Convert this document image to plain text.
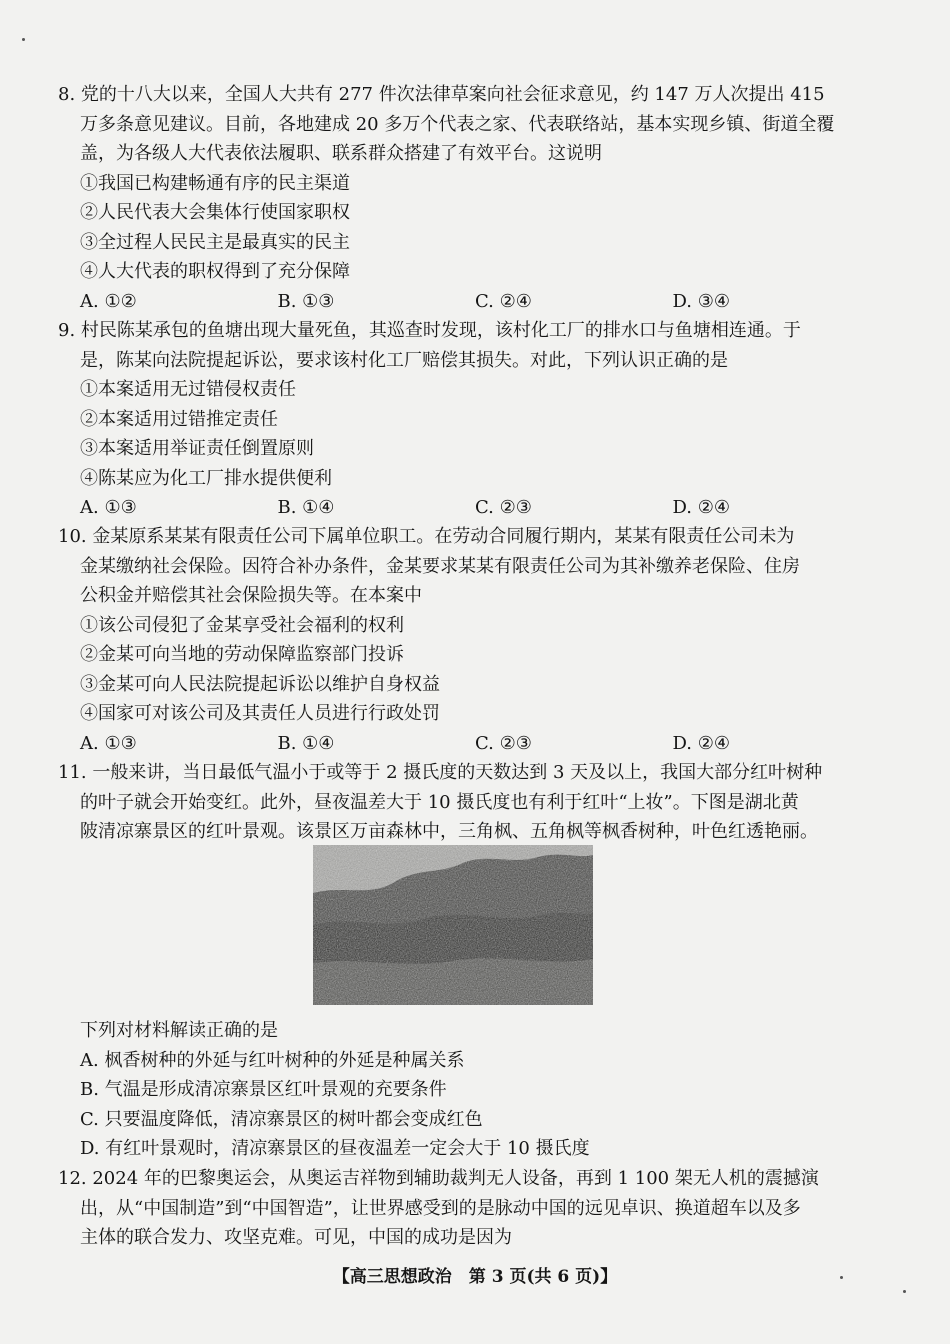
8. 党的十八大以来，全国人大共有 277 件次法律草案向社会征求意见，约 147 万人次提出 415
万多条意见建议。目前，各地建成 20 多万个代表之家、代表联络站，基本实现乡镇、街道全覆
盖，为各级人大代表依法履职、联系群众搭建了有效平台。这说明
①我国已构建畅通有序的民主渠道
②人民代表大会集体行使国家职权
③全过程人民民主是最真实的民主
④人大代表的职权得到了充分保障
A. ①②	B. ①③	C. ②④	D. ③④
9. 村民陈某承包的鱼塘出现大量死鱼，其巡查时发现，该村化工厂的排水口与鱼塘相连通。于
是，陈某向法院提起诉讼，要求该村化工厂赔偿其损失。对此，下列认识正确的是
①本案适用无过错侵权责任
②本案适用过错推定责任
③本案适用举证责任倒置原则
④陈某应为化工厂排水提供便利
A. ①③	B. ①④	C. ②③	D. ②④
10. 金某原系某某有限责任公司下属单位职工。在劳动合同履行期内，某某有限责任公司未为
金某缴纳社会保险。因符合补办条件，金某要求某某有限责任公司为其补缴养老保险、住房
公积金并赔偿其社会保险损失等。在本案中
①该公司侵犯了金某享受社会福利的权利
②金某可向当地的劳动保障监察部门投诉
③金某可向人民法院提起诉讼以维护自身权益
④国家可对该公司及其责任人员进行行政处罚
A. ①③	B. ①④	C. ②③	D. ②④
11. 一般来讲，当日最低气温小于或等于 2 摄氏度的天数达到 3 天及以上，我国大部分红叶树种
的叶子就会开始变红。此外，昼夜温差大于 10 摄氏度也有利于红叶“上妆”。下图是湖北黄
陂清凉寨景区的红叶景观。该景区万亩森林中，三角枫、五角枫等枫香树种，叶色红透艳丽。
下列对材料解读正确的是
A. 枫香树种的外延与红叶树种的外延是种属关系
B. 气温是形成清凉寨景区红叶景观的充要条件
C. 只要温度降低，清凉寨景区的树叶都会变成红色
D. 有红叶景观时，清凉寨景区的昼夜温差一定会大于 10 摄氏度
12. 2024 年的巴黎奥运会，从奥运吉祥物到辅助裁判无人设备，再到 1 100 架无人机的震撼演
出，从“中国制造”到“中国智造”，让世界感受到的是脉动中国的远见卓识、换道超车以及多
主体的联合发力、攻坚克难。可见，中国的成功是因为
【高三思想政治　第 3 页(共 6 页)】
